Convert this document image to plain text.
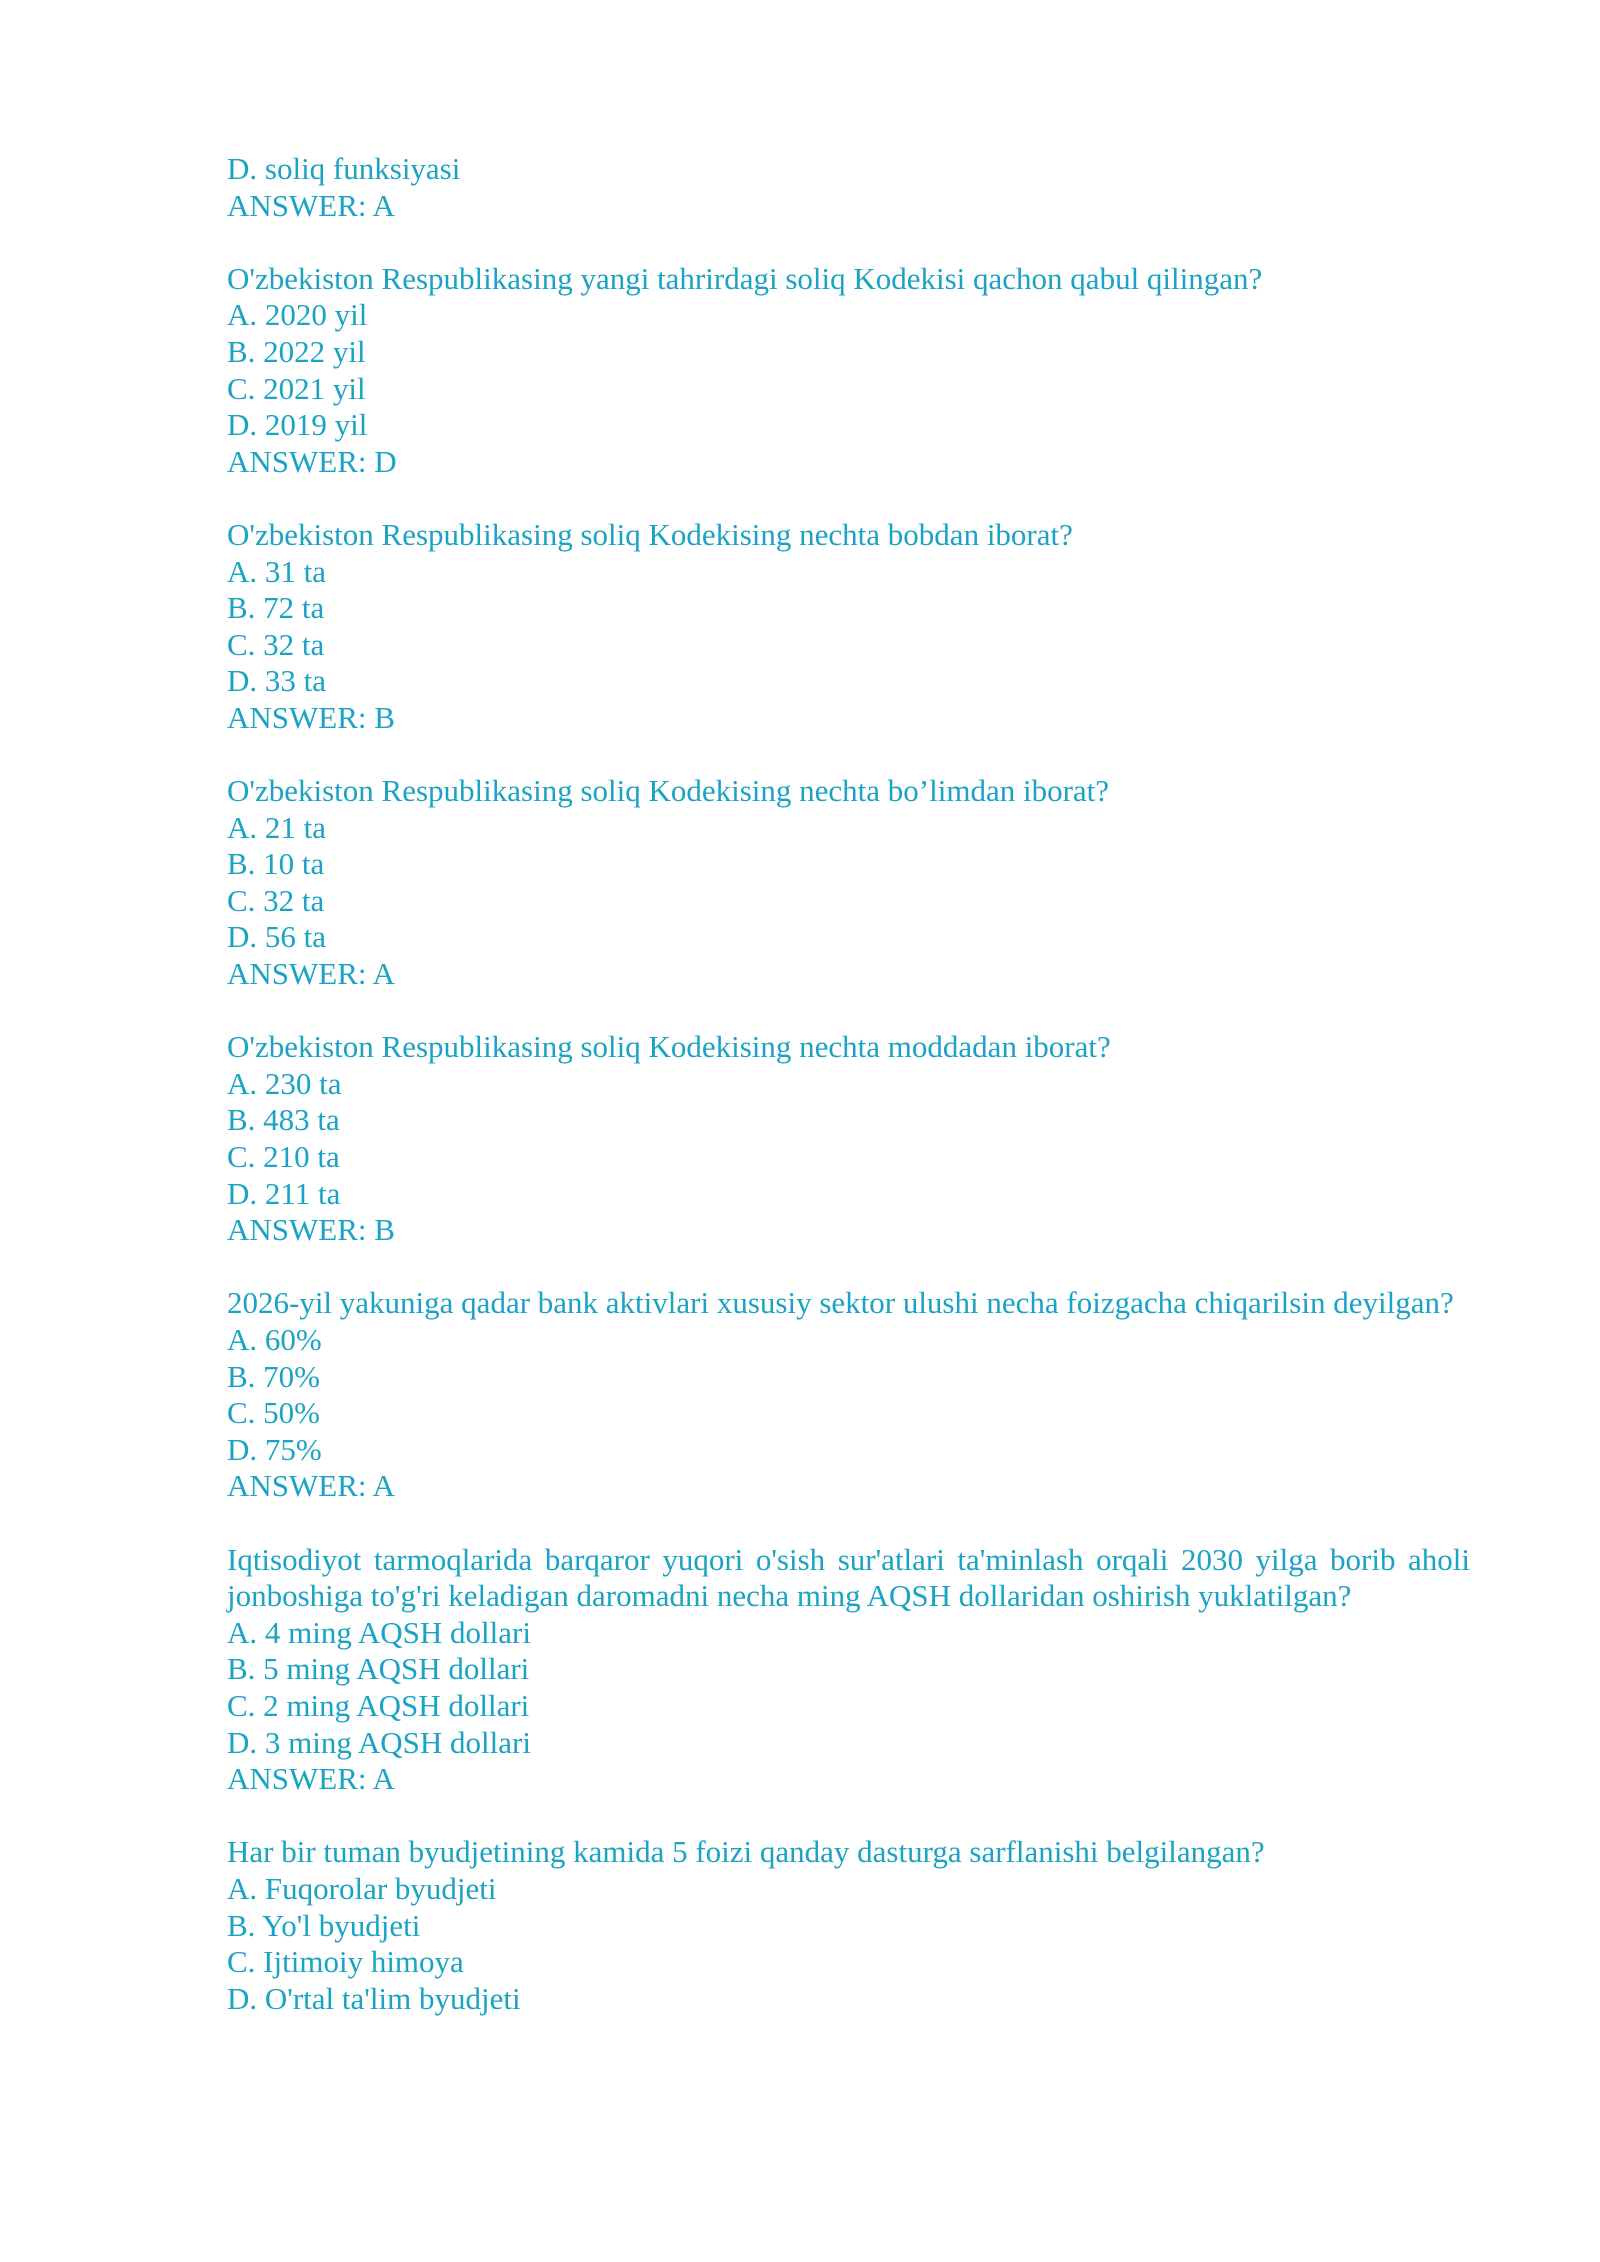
D. soliq funksiyasi
ANSWER: A
O'zbekiston Respublikasing yangi tahrirdagi soliq Kodekisi qachon qabul qilingan?
A. 2020 yil
B. 2022 yil
C. 2021 yil
D. 2019 yil
ANSWER: D
O'zbekiston Respublikasing soliq Kodekising nechta bobdan iborat?
A. 31 ta
B. 72 ta
C. 32 ta
D. 33 ta
ANSWER: B
O'zbekiston Respublikasing soliq Kodekising nechta bo’limdan iborat?
A. 21 ta
B. 10 ta
C. 32 ta
D. 56 ta
ANSWER: A
O'zbekiston Respublikasing soliq Kodekising nechta moddadan iborat?
A. 230 ta
B. 483 ta
C. 210 ta
D. 211 ta
ANSWER: B
2026-yil yakuniga qadar bank aktivlari xususiy sektor ulushi necha foizgacha chiqarilsin deyilgan?
A. 60%
B. 70%
C. 50%
D. 75%
ANSWER: A
Iqtisodiyot tarmoqlarida barqaror yuqori o'sish sur'atlari ta'minlash orqali 2030 yilga borib aholi jonboshiga to'g'ri keladigan daromadni necha ming AQSH dollaridan oshirish yuklatilgan?
A. 4 ming AQSH dollari
B. 5 ming AQSH dollari
C. 2 ming AQSH dollari
D. 3 ming AQSH dollari
ANSWER: A
Har bir tuman byudjetining kamida 5 foizi qanday dasturga sarflanishi belgilangan?
A. Fuqorolar byudjeti
B. Yo'l byudjeti
C. Ijtimoiy himoya
D. O'rtal ta'lim byudjeti
